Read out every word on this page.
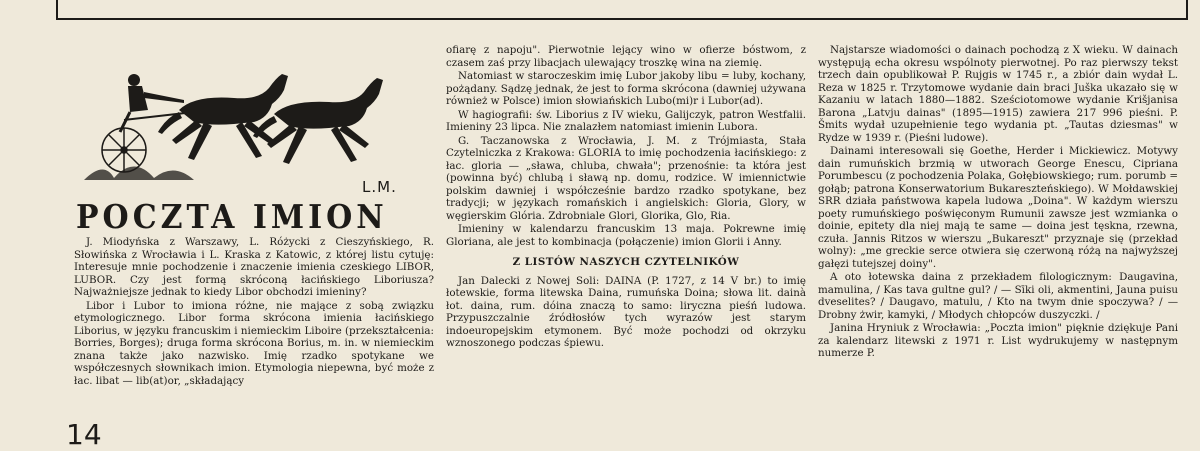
L.M.
POCZTA IMION

J. Miodyńska z Warszawy, L. Różycki z Cieszyńskiego, R. Słowińska z Wrocławia i L. Kraska z Katowic, z której listu cytuję: Interesuje mnie pochodzenie i znaczenie imienia czeskiego LIBOR, LUBOR. Czy jest formą skróconą łacińskiego Liboriusza? Najważniejsze jednak to kiedy Libor obchodzi imieniny?

Libor i Lubor to imiona różne, nie mające z sobą związku etymologicznego. Libor forma skrócona imienia łacińskiego Liborius, w języku francuskim i niemieckim Liboire (przekształcenia: Borries, Borges); druga forma skrócona Borius, m. in. w niemieckim znana także jako nazwisko. Imię rzadko spotykane we współczesnych słownikach imion. Etymologia niepewna, być może z łac. libat — lib(at)or, „składający

ofiarę z napoju". Pierwotnie lejący wino w ofierze bóstwom, z czasem zaś przy libacjach ulewający troszkę wina na ziemię.

Natomiast w staroczeskim imię Lubor jakoby libu = luby, kochany, pożądany. Sądzę jednak, że jest to forma skrócona (dawniej używana również w Polsce) imion słowiańskich Lubo(mi)r i Lubor(ad).

W hagiografii: św. Liborius z IV wieku, Galijczyk, patron Westfalii. Imieniny 23 lipca. Nie znalazłem natomiast imienin Lubora.

G. Taczanowska z Wrocławia, J. M. z Trójmiasta, Stała Czytelniczka z Krakowa: GLORIA to imię pochodzenia łacińskiego: z łac. gloria — „sława, chluba, chwała"; przenośnie: ta która jest (powinna być) chlubą i sławą np. domu, rodzice. W imiennictwie polskim dawniej i współcześnie bardzo rzadko spotykane, bez tradycji; w językach romańskich i angielskich: Gloria, Glory, w węgierskim Glória. Zdrobniale Glori, Glorika, Glo, Ria.

Imieniny w kalendarzu francuskim 13 maja. Pokrewne imię Gloriana, ale jest to kombinacja (połączenie) imion Glorii i Anny.

Z LISTÓW NASZYCH CZYTELNIKÓW

Jan Dalecki z Nowej Soli: DAINA (P. 1727, z 14 V br.) to imię łotewskie, forma litewska Daina, rumuńska Doina; słowa lit. dainà łot. daina, rum. dóina znaczą to samo: liryczna pieśń ludowa. Przypuszczalnie źródłosłów tych wyrazów jest starym indoeuropejskim etymonem. Być może pochodzi od okrzyku wznoszonego podczas śpiewu.

Najstarsze wiadomości o dainach pochodzą z X wieku. W dainach występują echa okresu wspólnoty pierwotnej. Po raz pierwszy tekst trzech dain opublikował P. Rujgis w 1745 r., a zbiór dain wydał L. Reza w 1825 r. Trzytomowe wydanie dain braci Juška ukazało się w Kazaniu w latach 1880—1882. Sześciotomowe wydanie Krišjanisa Barona „Latvju dainas" (1895—1915) zawiera 217 996 pieśni. P. Šmits wydał uzupełnienie tego wydania pt. „Tautas dziesmas" w Rydze w 1939 r. (Pieśni ludowe).

Dainami interesowali się Goethe, Herder i Mickiewicz. Motywy dain rumuńskich brzmią w utworach George Enescu, Cipriana Porumbescu (z pochodzenia Polaka, Gołębiowskiego; rum. porumb = gołąb; patrona Konserwatorium Bukareszteńskiego). W Mołdawskiej SRR działa państwowa kapela ludowa „Doina". W każdym wierszu poety rumuńskiego poświęconym Rumunii zawsze jest wzmianka o doinie, epitety dla niej mają te same — doina jest tęskna, rzewna, czuła. Jannis Ritzos w wierszu „Bukareszt" przyznaje się (przekład wolny): „me greckie serce otwiera się czerwoną różą na najwyższej gałęzi tutejszej doiny".

A oto łotewska daina z przekładem filologicznym: Daugavina, mamulina, / Kas tava gultne gul? / — Sīki oli, akmentini, Jauna puisu dveselites? / Daugavo, matulu, / Kto na twym dnie spoczywa? / — Drobny żwir, kamyki, / Młodych chłopców duszyczki. /

Janina Hryniuk z Wrocławia: „Poczta imion" pięknie dziękuje Pani za kalendarz litewski z 1971 r. List wydrukujemy w następnym numerze P.

14
